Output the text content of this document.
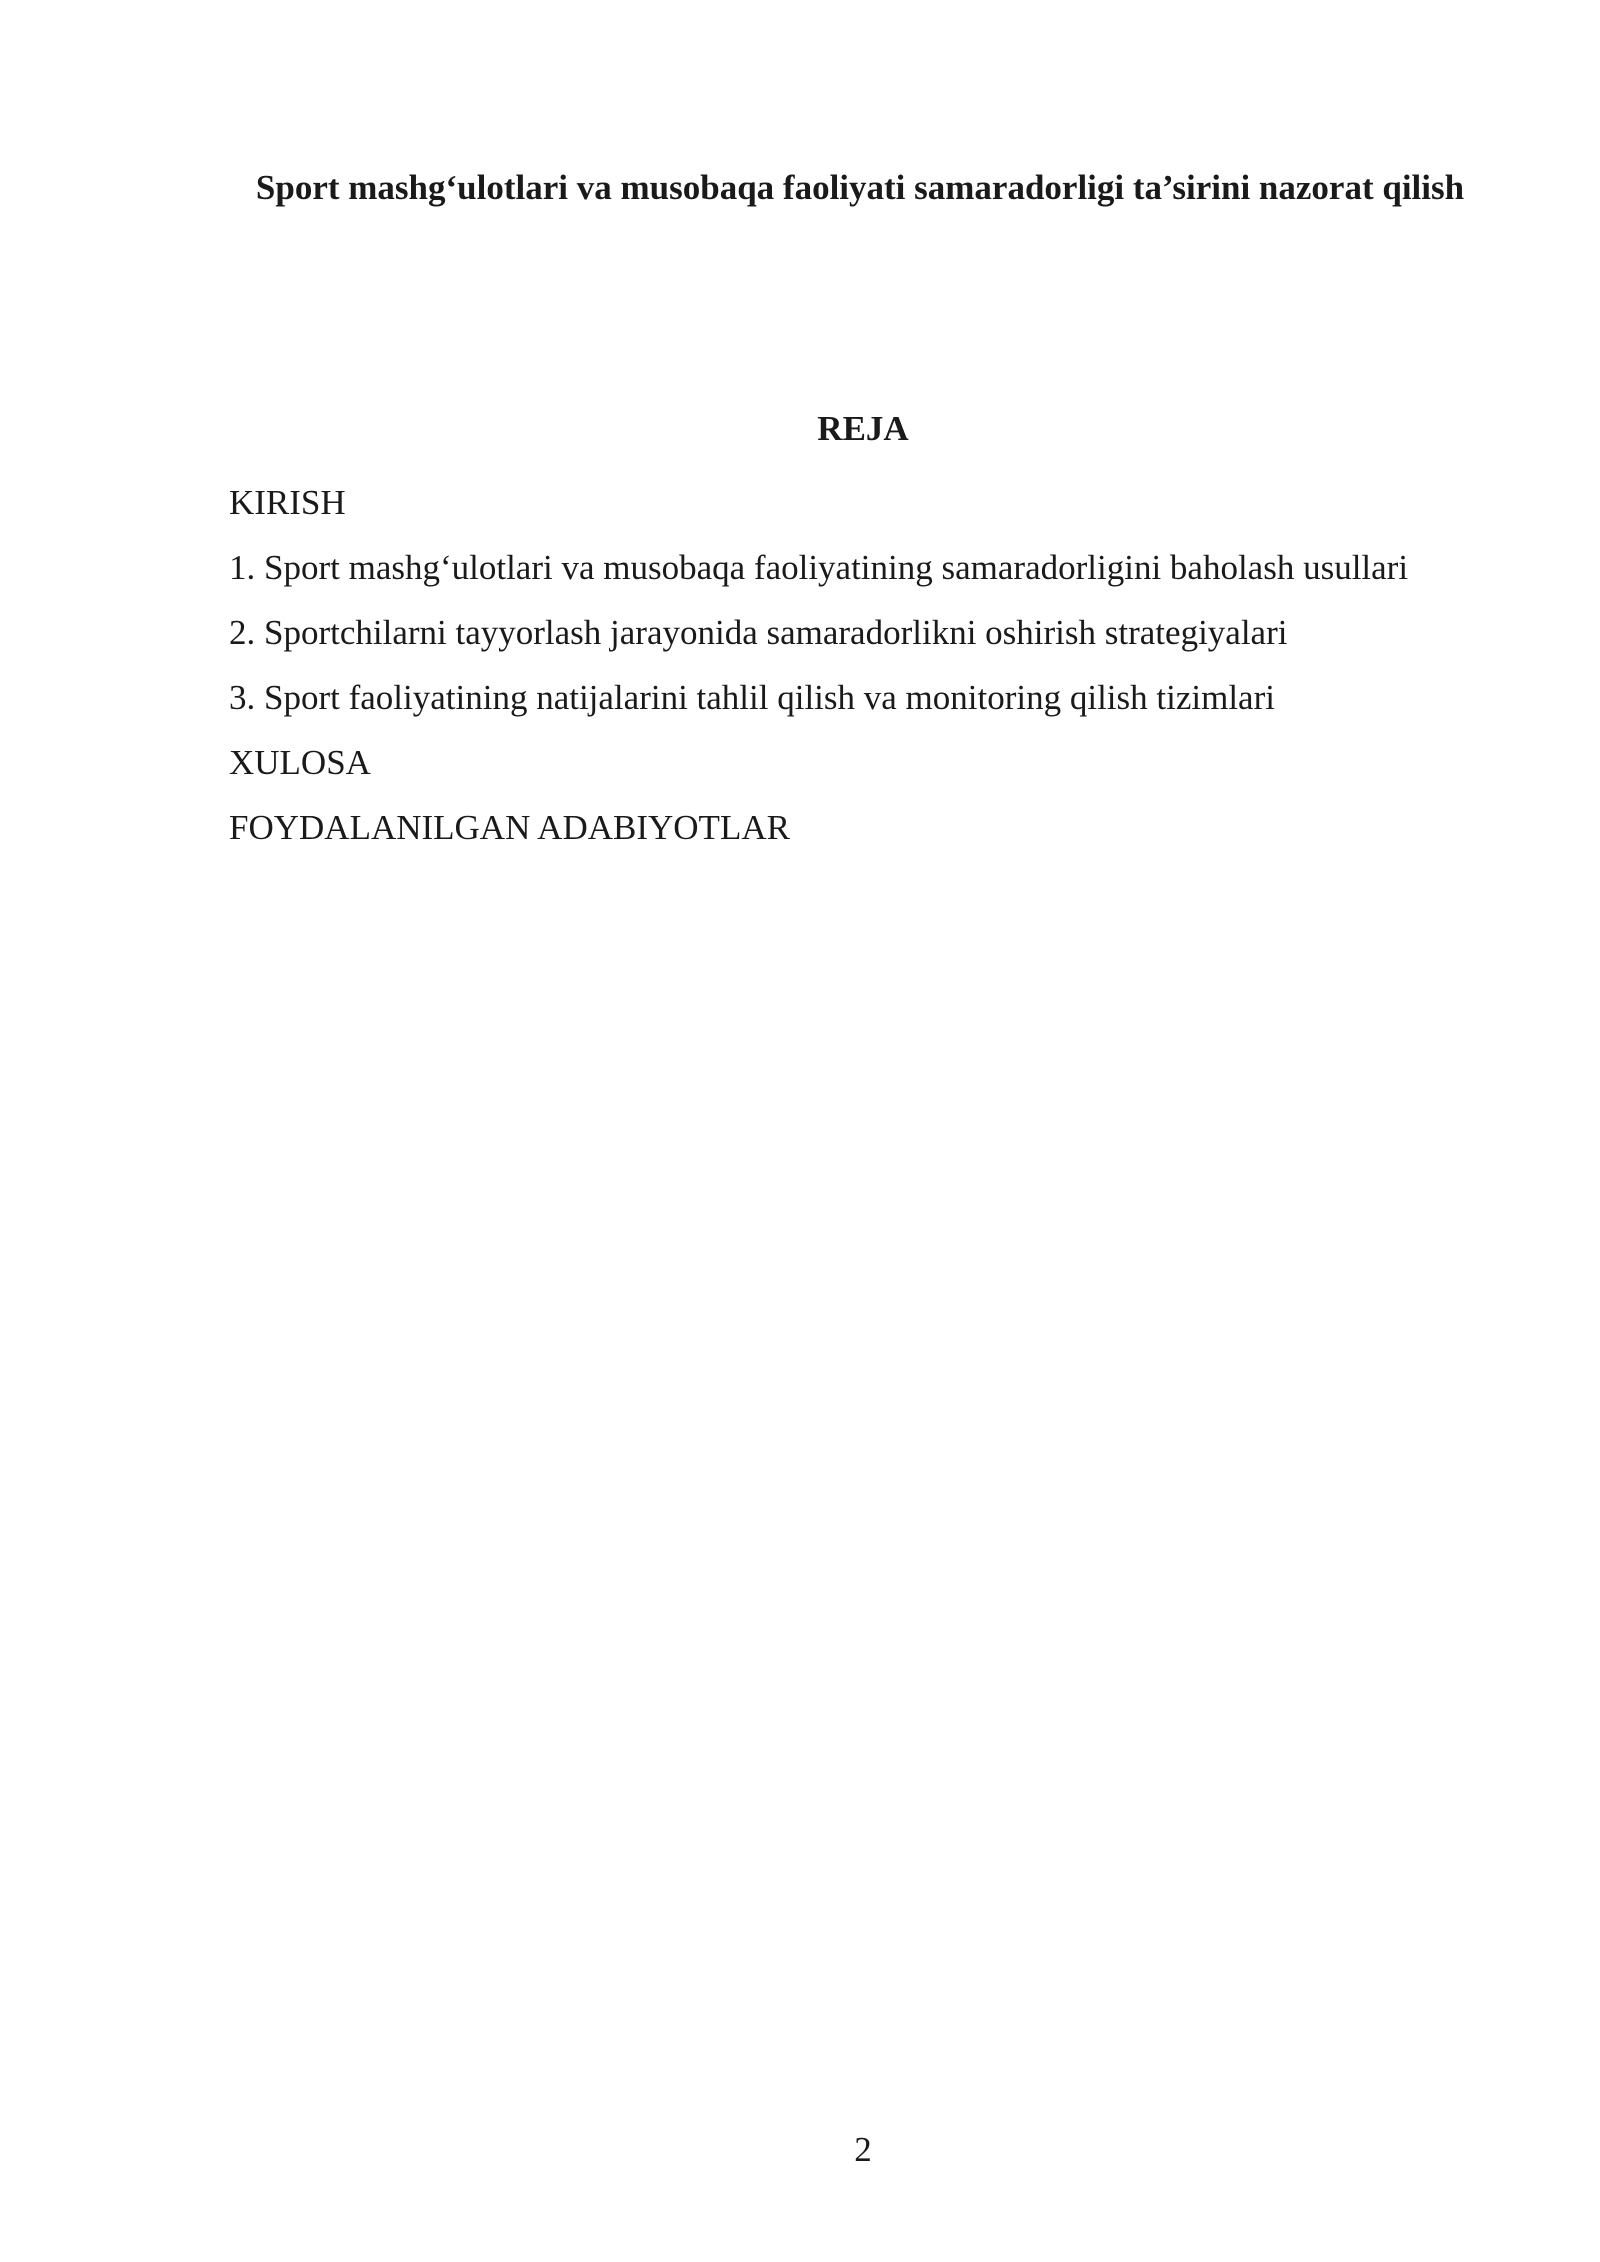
Sport mashg‘ulotlari va musobaqa faoliyati samaradorligi ta’sirini nazorat qilish
REJA
KIRISH
1. Sport mashg‘ulotlari va musobaqa faoliyatining samaradorligini baholash usullari
2. Sportchilarni tayyorlash jarayonida samaradorlikni oshirish strategiyalari
3. Sport faoliyatining natijalarini tahlil qilish va monitoring qilish tizimlari
XULOSA
FOYDALANILGAN ADABIYOTLAR

2
